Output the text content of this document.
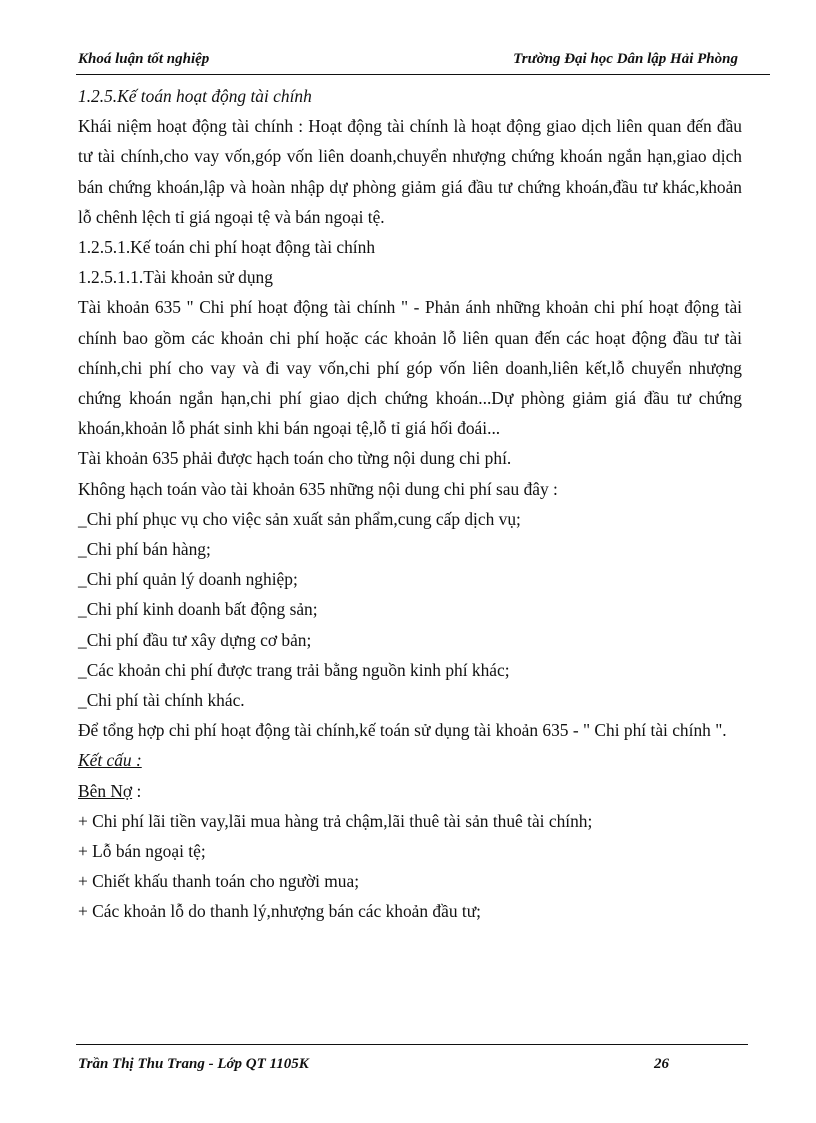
Khoá luận tốt nghiệp	Trường Đại học Dân lập Hải Phòng

1.2.5.Kế toán hoạt động tài chính

Khái niệm hoạt động tài chính : Hoạt động tài chính là hoạt động giao dịch liên quan đến đầu tư tài chính,cho vay vốn,góp vốn liên doanh,chuyển nhượng chứng khoán ngắn hạn,giao dịch bán chứng khoán,lập và hoàn nhập dự phòng giảm giá đầu tư chứng khoán,đầu tư khác,khoản lỗ chênh lệch tỉ giá ngoại tệ và bán ngoại tệ.

1.2.5.1.Kế toán chi phí hoạt động tài chính

1.2.5.1.1.Tài khoản sử dụng

Tài khoản 635 " Chi phí hoạt động tài chính " - Phản ánh những khoản chi phí hoạt động tài chính bao gồm các khoản chi phí hoặc các khoản lỗ liên quan đến các hoạt động đầu tư tài chính,chi phí cho vay và đi vay vốn,chi phí góp vốn liên doanh,liên kết,lỗ chuyển nhượng chứng khoán ngắn hạn,chi phí giao dịch chứng khoán...Dự phòng giảm giá đầu tư chứng khoán,khoản lỗ phát sinh khi bán ngoại tệ,lỗ tỉ giá hối đoái...

Tài khoản 635 phải được hạch toán cho từng nội dung chi phí.

Không hạch toán vào tài khoản 635 những nội dung chi phí sau đây :

_Chi phí phục vụ cho việc sản xuất sản phẩm,cung cấp dịch vụ;

_Chi phí bán hàng;

_Chi phí quản lý doanh nghiệp;

_Chi phí kinh doanh bất động sản;

_Chi phí đầu tư xây dựng cơ bản;

_Các khoản chi phí được trang trải bằng nguồn kinh phí khác;

_Chi phí tài chính khác.

Để tổng hợp chi phí hoạt động tài chính,kế toán sử dụng tài khoản 635 - " Chi phí tài chính ".

Kết cấu :

Bên Nợ :

+ Chi phí lãi tiền vay,lãi mua hàng trả chậm,lãi thuê tài sản thuê tài chính;

+ Lỗ bán ngoại tệ;

+ Chiết khấu thanh toán cho người mua;

+ Các khoản lỗ do thanh lý,nhượng bán các khoản đầu tư;

Trần Thị Thu Trang - Lớp QT 1105K	26
